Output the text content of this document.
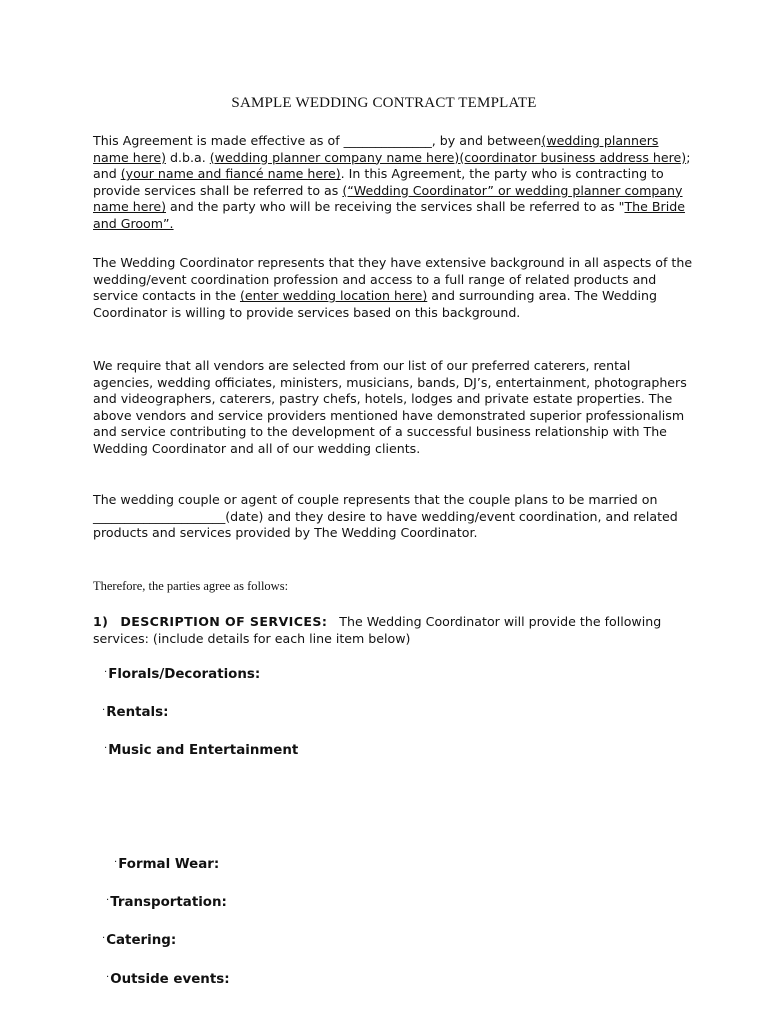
SAMPLE WEDDING CONTRACT TEMPLATE

This Agreement is made effective as of ______________, by and between(wedding planners name here) d.b.a. (wedding planner company name here)(coordinator business address here); and (your name and fiancé name here). In this Agreement, the party who is contracting to provide services shall be referred to as (“Wedding Coordinator” or wedding planner company name here) and the party who will be receiving the services shall be referred to as "The Bride and Groom”.

The Wedding Coordinator represents that they have extensive background in all aspects of the wedding/event coordination profession and access to a full range of related products and service contacts in the (enter wedding location here) and surrounding area. The Wedding Coordinator is willing to provide services based on this background.

We require that all vendors are selected from our list of our preferred caterers, rental agencies, wedding officiates, ministers, musicians, bands, DJ’s, entertainment, photographers and videographers, caterers, pastry chefs, hotels, lodges and private estate properties. The above vendors and service providers mentioned have demonstrated superior professionalism and service contributing to the development of a successful business relationship with The Wedding Coordinator and all of our wedding clients.

The wedding couple or agent of couple represents that the couple plans to be married on _____________________(date) and they desire to have wedding/event coordination, and related products and services provided by The Wedding Coordinator.

Therefore, the parties agree as follows:

1) DESCRIPTION OF SERVICES: The Wedding Coordinator will provide the following services: (include details for each line item below)

·Florals/Decorations:
·Rentals:
·Music and Entertainment
·Formal Wear:
·Transportation:
·Catering:
·Outside events:
